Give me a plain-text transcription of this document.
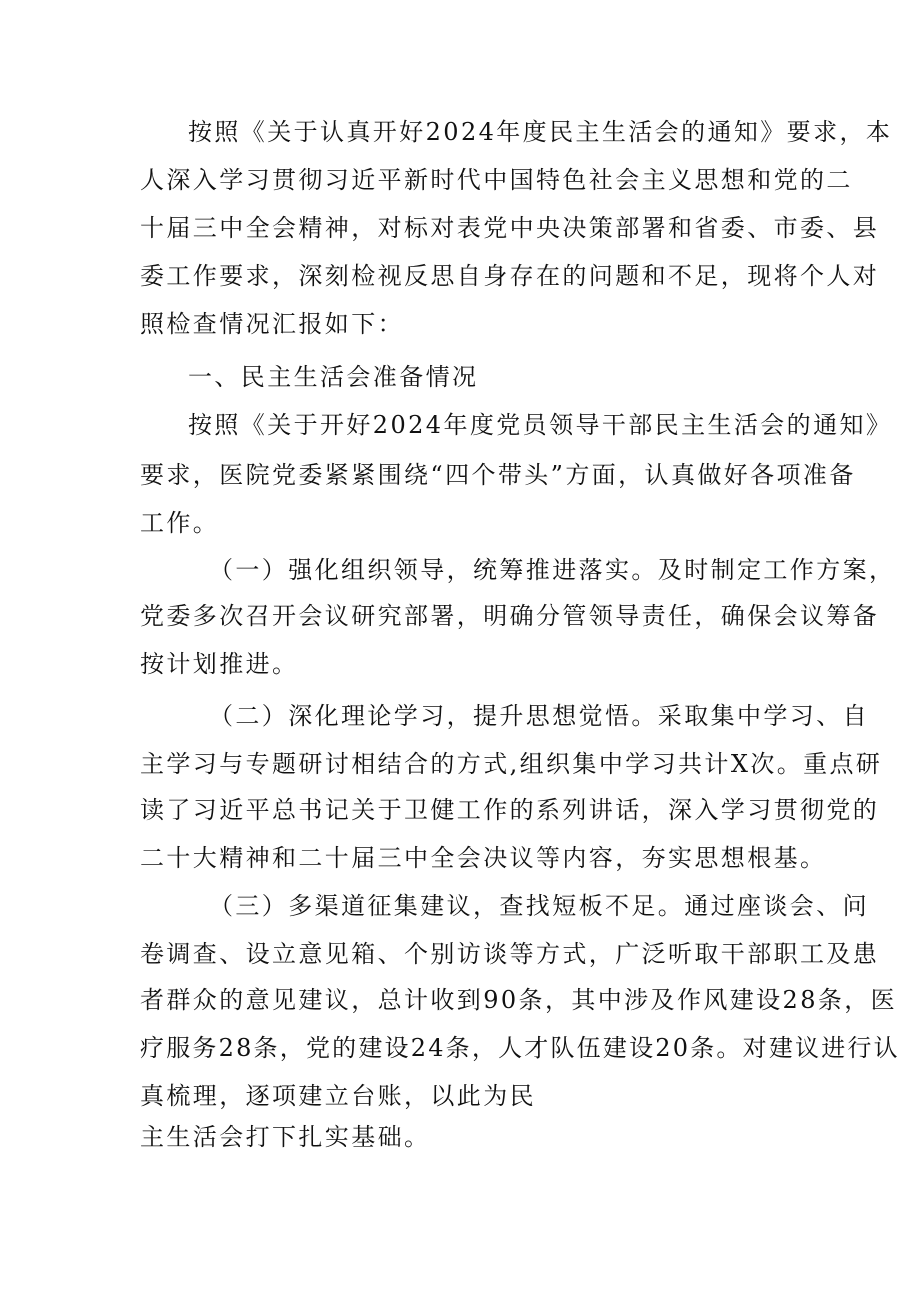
按照《关于认真开好2024年度民主生活会的通知》要求，本
人深入学习贯彻习近平新时代中国特色社会主义思想和党的二
十届三中全会精神，对标对表党中央决策部署和省委、市委、县
委工作要求，深刻检视反思自身存在的问题和不足，现将个人对
照检查情况汇报如下：
一、民主生活会准备情况
按照《关于开好2024年度党员领导干部民主生活会的通知》
要求，医院党委紧紧围绕“四个带头”方面，认真做好各项准备
工作。
（一）强化组织领导，统筹推进落实。及时制定工作方案，
党委多次召开会议研究部署，明确分管领导责任，确保会议筹备
按计划推进。
（二）深化理论学习，提升思想觉悟。采取集中学习、自
主学习与专题研讨相结合的方式,组织集中学习共计X次。重点研
读了习近平总书记关于卫健工作的系列讲话，深入学习贯彻党的
二十大精神和二十届三中全会决议等内容，夯实思想根基。
（三）多渠道征集建议，查找短板不足。通过座谈会、问
卷调查、设立意见箱、个别访谈等方式，广泛听取干部职工及患
者群众的意见建议，总计收到90条，其中涉及作风建设28条，医
疗服务28条，党的建设24条，人才队伍建设20条。对建议进行认
真梳理，逐项建立台账，以此为民
主生活会打下扎实基础。
